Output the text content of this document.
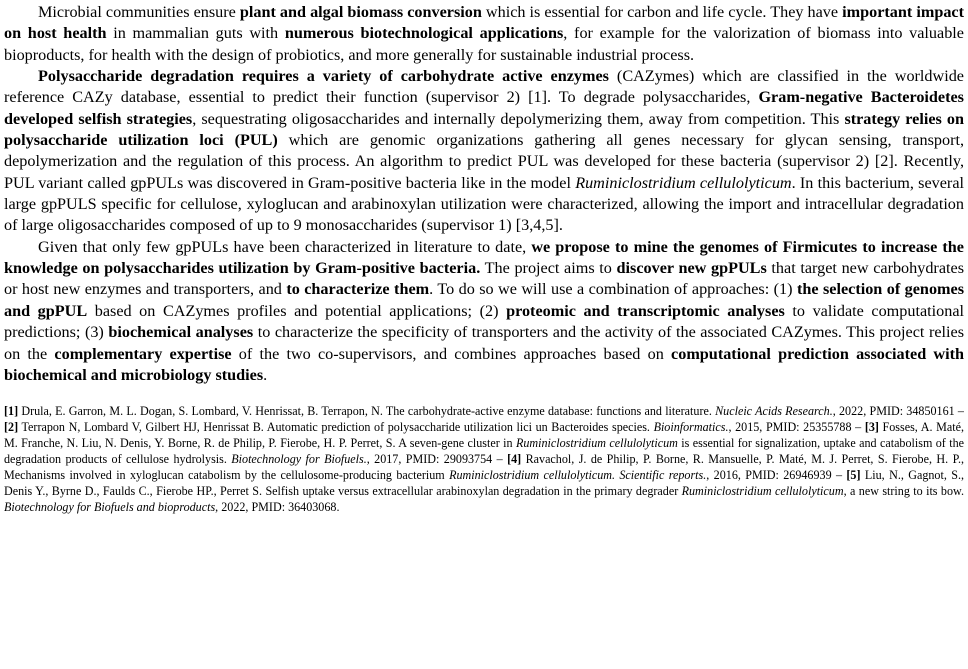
Microbial communities ensure plant and algal biomass conversion which is essential for carbon and life cycle. They have important impact on host health in mammalian guts with numerous biotechnological applications, for example for the valorization of biomass into valuable bioproducts, for health with the design of probiotics, and more generally for sustainable industrial process.

Polysaccharide degradation requires a variety of carbohydrate active enzymes (CAZymes) which are classified in the worldwide reference CAZy database, essential to predict their function (supervisor 2) [1]. To degrade polysaccharides, Gram-negative Bacteroidetes developed selfish strategies, sequestrating oligosaccharides and internally depolymerizing them, away from competition. This strategy relies on polysaccharide utilization loci (PUL) which are genomic organizations gathering all genes necessary for glycan sensing, transport, depolymerization and the regulation of this process. An algorithm to predict PUL was developed for these bacteria (supervisor 2) [2]. Recently, PUL variant called gpPULs was discovered in Gram-positive bacteria like in the model Ruminiclostridium cellulolyticum. In this bacterium, several large gpPULS specific for cellulose, xyloglucan and arabinoxylan utilization were characterized, allowing the import and intracellular degradation of large oligosaccharides composed of up to 9 monosaccharides (supervisor 1) [3,4,5].

Given that only few gpPULs have been characterized in literature to date, we propose to mine the genomes of Firmicutes to increase the knowledge on polysaccharides utilization by Gram-positive bacteria. The project aims to discover new gpPULs that target new carbohydrates or host new enzymes and transporters, and to characterize them. To do so we will use a combination of approaches: (1) the selection of genomes and gpPUL based on CAZymes profiles and potential applications; (2) proteomic and transcriptomic analyses to validate computational predictions; (3) biochemical analyses to characterize the specificity of transporters and the activity of the associated CAZymes. This project relies on the complementary expertise of the two co-supervisors, and combines approaches based on computational prediction associated with biochemical and microbiology studies.

[1] Drula, E. Garron, M. L. Dogan, S. Lombard, V. Henrissat, B. Terrapon, N. The carbohydrate-active enzyme database: functions and literature. Nucleic Acids Research., 2022, PMID: 34850161 – [2] Terrapon N, Lombard V, Gilbert HJ, Henrissat B. Automatic prediction of polysaccharide utilization lici un Bacteroides species. Bioinformatics., 2015, PMID: 25355788 – [3] Fosses, A. Maté, M. Franche, N. Liu, N. Denis, Y. Borne, R. de Philip, P. Fierobe, H. P. Perret, S. A seven-gene cluster in Ruminiclostridium cellulolyticum is essential for signalization, uptake and catabolism of the degradation products of cellulose hydrolysis. Biotechnology for Biofuels., 2017, PMID: 29093754 – [4] Ravachol, J. de Philip, P. Borne, R. Mansuelle, P. Maté, M. J. Perret, S. Fierobe, H. P., Mechanisms involved in xyloglucan catabolism by the cellulosome-producing bacterium Ruminiclostridium cellulolyticum. Scientific reports., 2016, PMID: 26946939 – [5] Liu, N., Gagnot, S., Denis Y., Byrne D., Faulds C., Fierobe HP., Perret S. Selfish uptake versus extracellular arabinoxylan degradation in the primary degrader Ruminiclostridium cellulolyticum, a new string to its bow. Biotechnology for Biofuels and bioproducts, 2022, PMID: 36403068.
